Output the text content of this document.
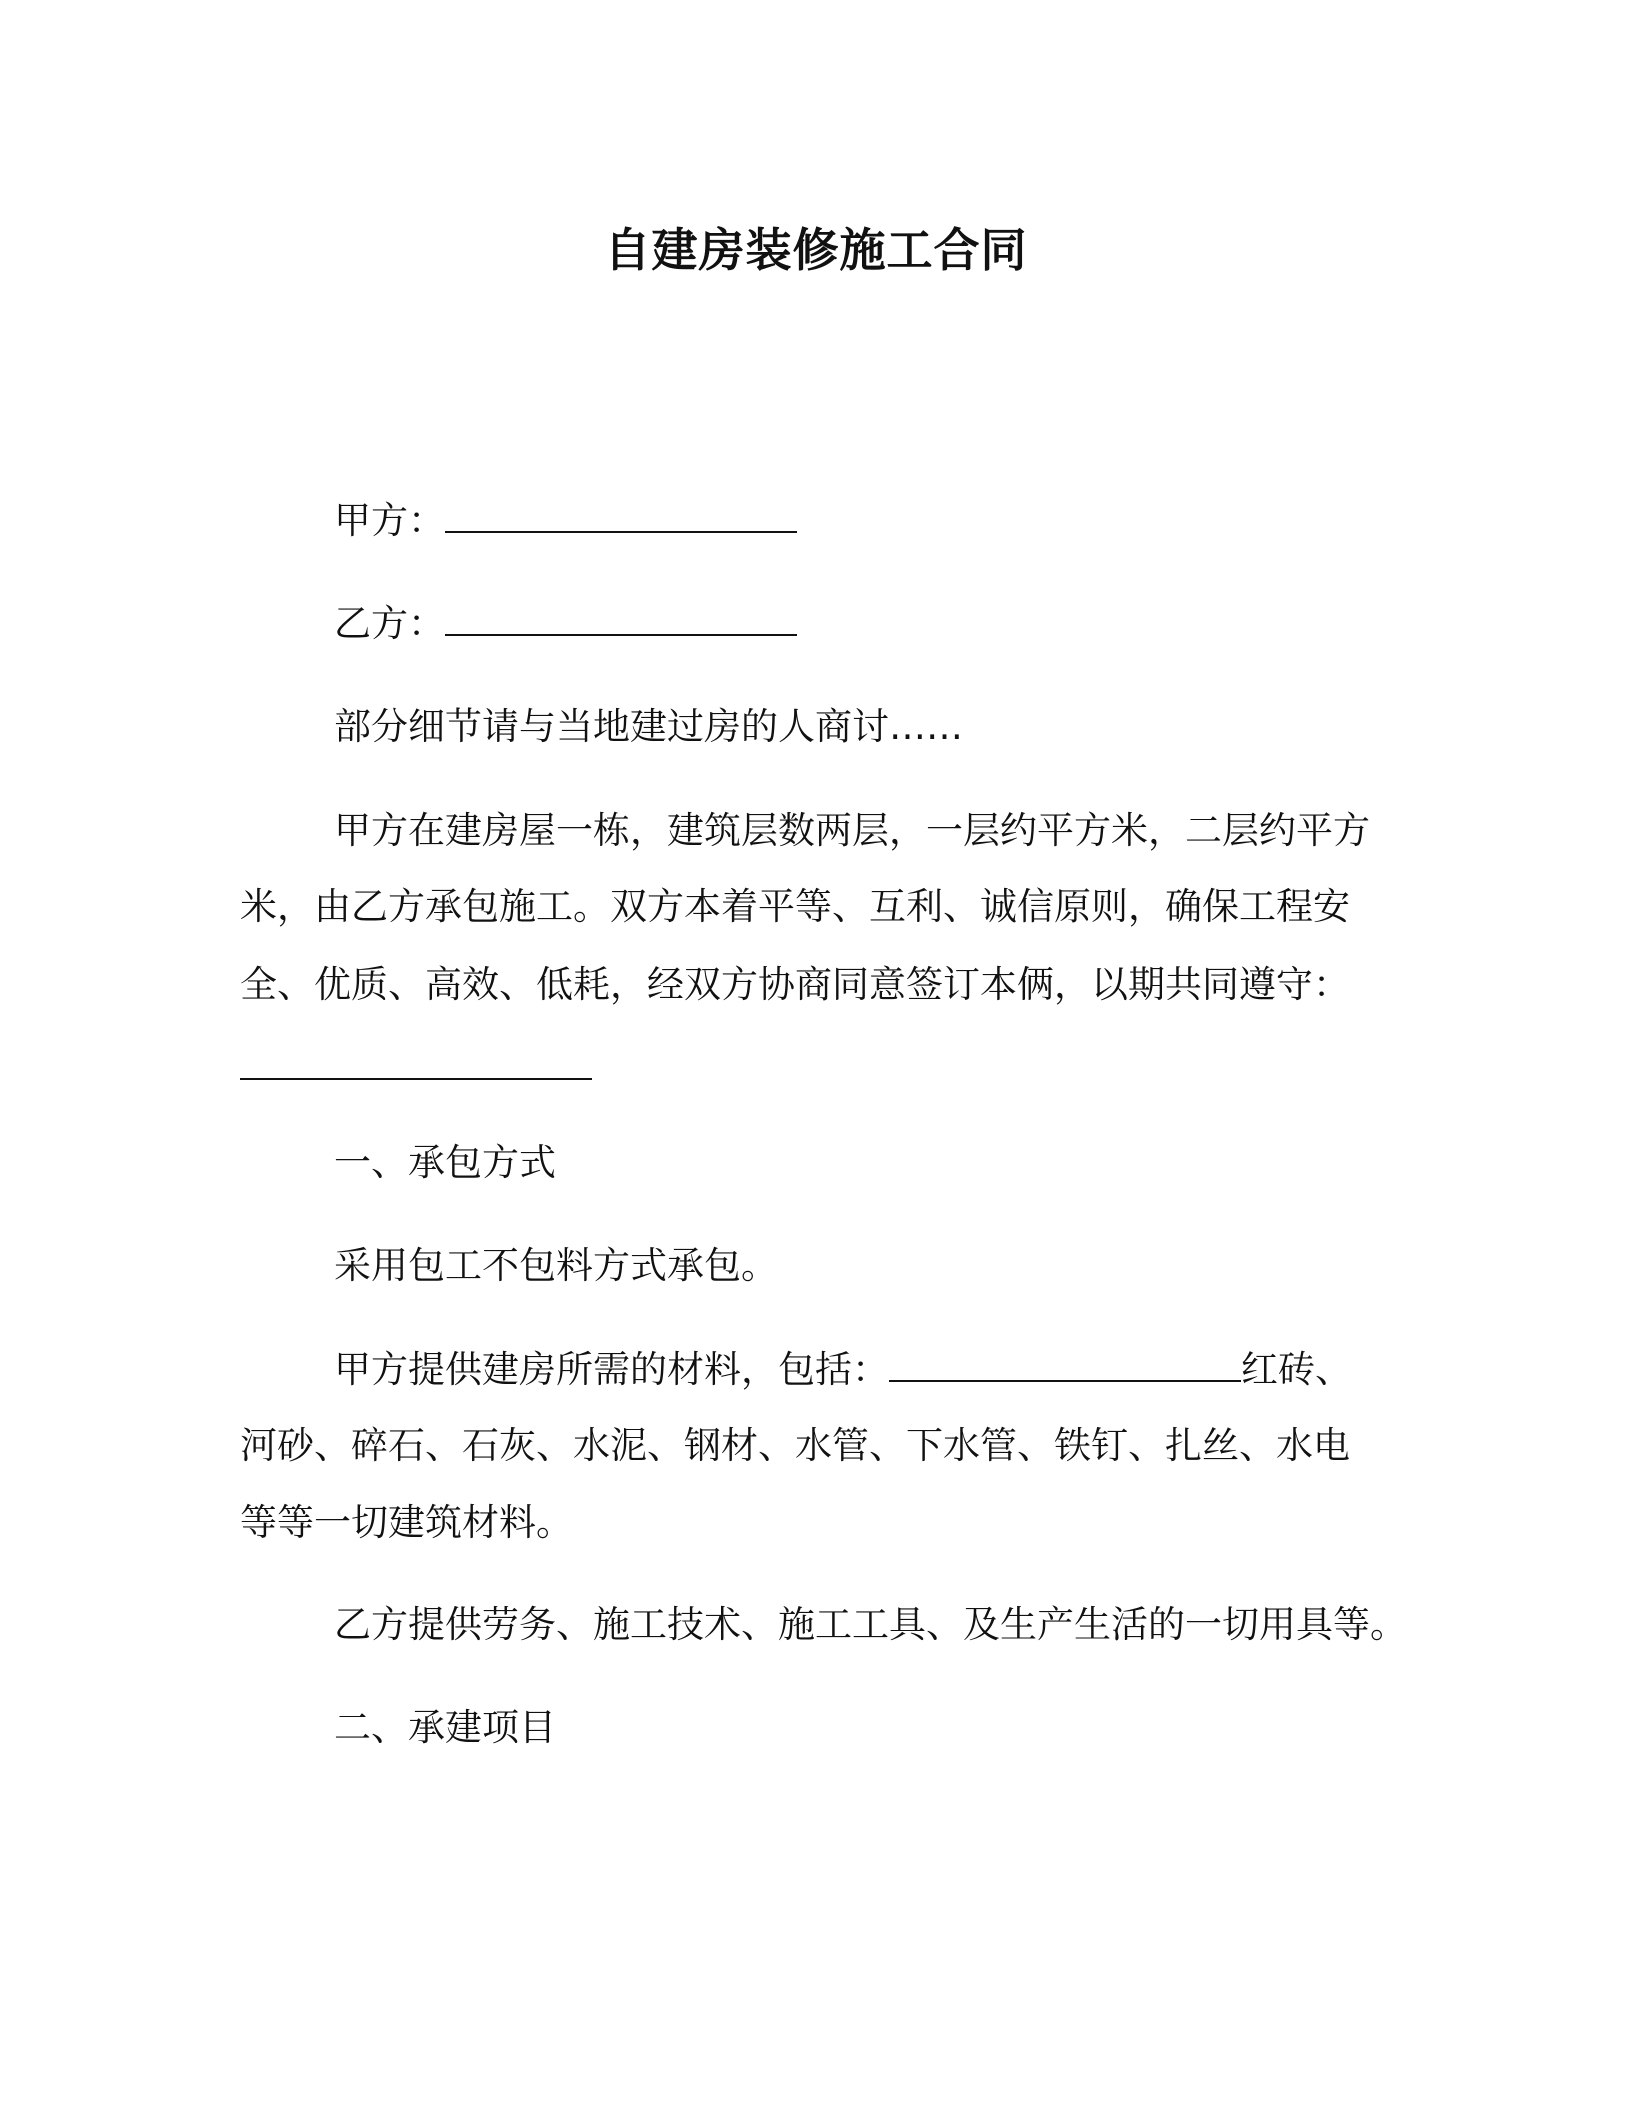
自建房装修施工合同
甲方：
乙方：
部分细节请与当地建过房的人商讨……
甲方在建房屋一栋，建筑层数两层，一层约平方米，二层约平方
米，由乙方承包施工。双方本着平等、互利、诚信原则，确保工程安
全、优质、高效、低耗，经双方协商同意签订本俩，以期共同遵守：
一、承包方式
采用包工不包料方式承包。
甲方提供建房所需的材料，包括：	红砖、
河砂、碎石、石灰、水泥、钢材、水管、下水管、铁钉、扎丝、水电
等等一切建筑材料。
乙方提供劳务、施工技术、施工工具、及生产生活的一切用具等。
二、承建项目
